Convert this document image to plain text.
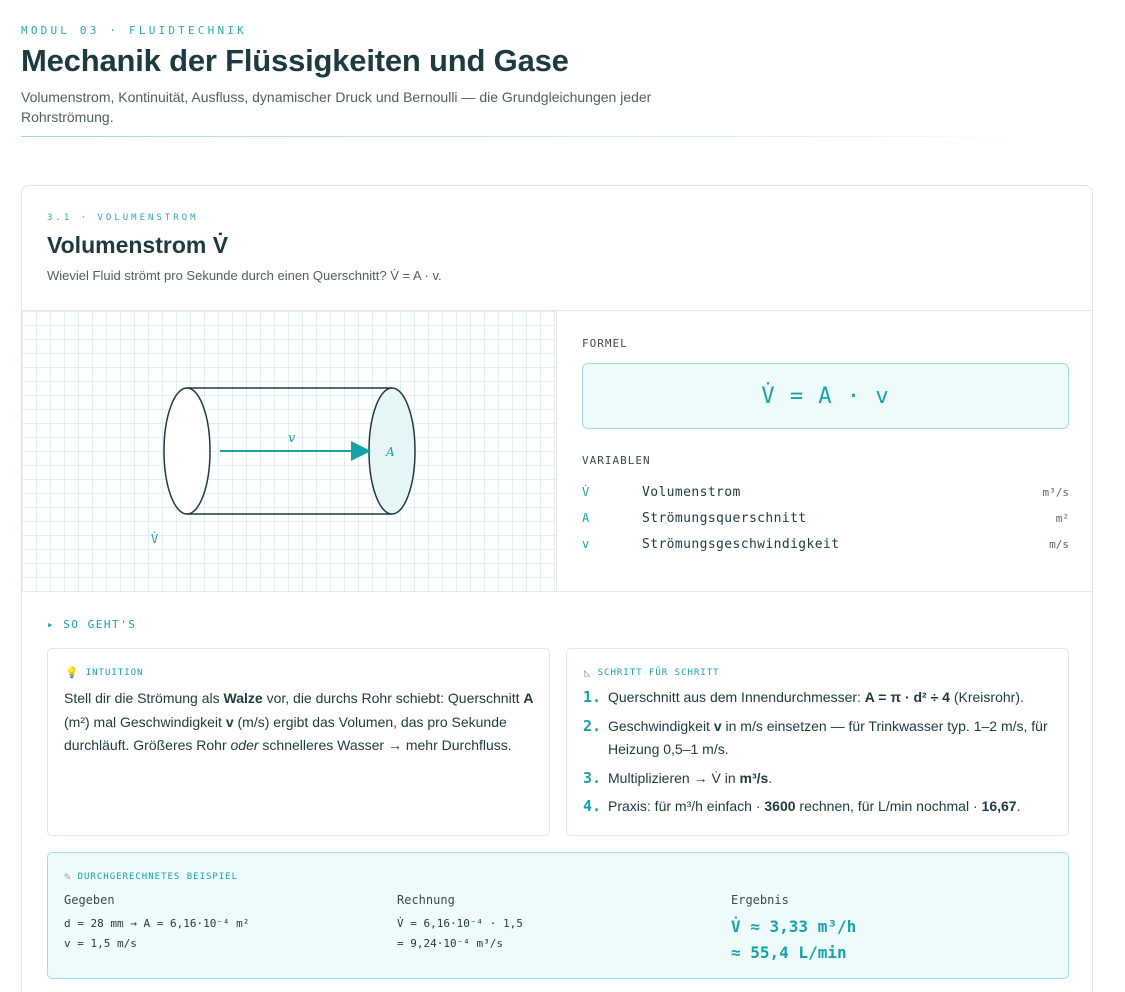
MODUL 03 · FLUIDTECHNIK
Mechanik der Flüssigkeiten und Gase

Volumenstrom, Kontinuität, Ausfluss, dynamischer Druck und Bernoulli — die Grundgleichungen jeder Rohrströmung.

3.1 · VOLUMENSTROM
Volumenstrom V̇

Wieviel Fluid strömt pro Sekunde durch einen Querschnitt? V̇ = A · v.

v
A
V̇
FORMEL
V̇ = A · v
VARIABLEN
V̇	Volumenstrom	m³/s
A	Strömungsquerschnitt	m²
v	Strömungsgeschwindigkeit	m/s
▸ SO GEHT'S
💡 INTUITION

Stell dir die Strömung als Walze vor, die durchs Rohr schiebt: Querschnitt A (m²) mal Geschwindigkeit v (m/s) ergibt das Volumen, das pro Sekunde durchläuft. Größeres Rohr oder schnelleres Wasser → mehr Durchfluss.

◺ SCHRITT FÜR SCHRITT
1. Querschnitt aus dem Innendurchmesser: A = π · d² ÷ 4 (Kreisrohr).
2. Geschwindigkeit v in m/s einsetzen — für Trinkwasser typ. 1–2 m/s, für Heizung 0,5–1 m/s.
3. Multiplizieren → V̇ in m³/s.
4. Praxis: für m³/h einfach · 3600 rechnen, für L/min nochmal · 16,67.
✎ DURCHGERECHNETES BEISPIEL
Gegeben
d = 28 mm → A = 6,16·10⁻⁴ m²
v = 1,5 m/s
Rechnung
V̇ = 6,16·10⁻⁴ · 1,5
= 9,24·10⁻⁴ m³/s
Ergebnis
V̇ ≈ 3,33 m³/h
≈ 55,4 L/min
